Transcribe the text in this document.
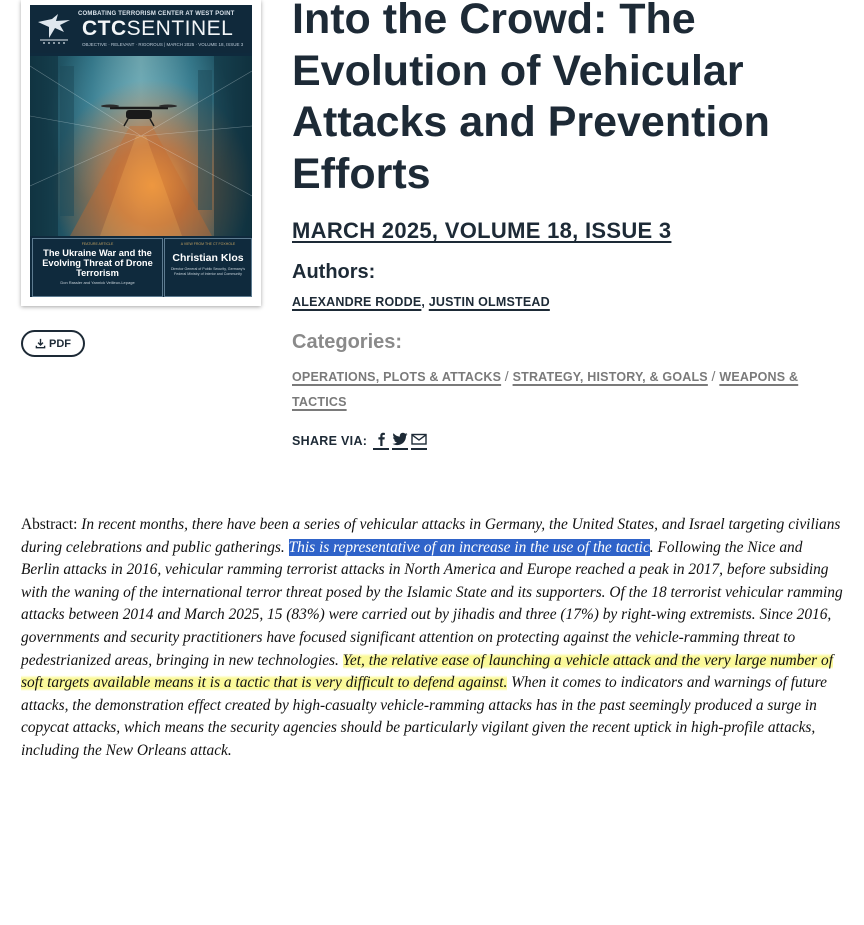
COMBATING TERRORISM CENTER AT WEST POINT
CTCSENTINEL
OBJECTIVE · RELEVANT · RIGOROUS | MARCH 2025 · VOLUME 18, ISSUE 3
FEATURE ARTICLE
The Ukraine War and the Evolving Threat of Drone Terrorism
Don Rassler and Yannick Veilleux-Lepage
A VIEW FROM THE CT FOXHOLE
Christian Klos
Director General of Public Security, Germany's Federal Ministry of Interior and Community
PDF
Into the Crowd: The Evolution of Vehicular Attacks and Prevention Efforts
MARCH 2025, VOLUME 18, ISSUE 3
Authors:
ALEXANDRE RODDE, JUSTIN OLMSTEAD
Categories:
OPERATIONS, PLOTS & ATTACKS / STRATEGY, HISTORY, & GOALS / WEAPONS & TACTICS
SHARE VIA:

Abstract: In recent months, there have been a series of vehicular attacks in Germany, the United States, and Israel targeting civilians during celebrations and public gatherings. This is representative of an increase in the use of the tactic. Following the Nice and Berlin attacks in 2016, vehicular ramming terrorist attacks in North America and Europe reached a peak in 2017, before subsiding with the waning of the international terror threat posed by the Islamic State and its supporters. Of the 18 terrorist vehicular ramming attacks between 2014 and March 2025, 15 (83%) were carried out by jihadis and three (17%) by right-wing extremists. Since 2016, governments and security practitioners have focused significant attention on protecting against the vehicle-ramming threat to pedestrianized areas, bringing in new technologies. Yet, the relative ease of launching a vehicle attack and the very large number of soft targets available means it is a tactic that is very difficult to defend against. When it comes to indicators and warnings of future attacks, the demonstration effect created by high-casualty vehicle-ramming attacks has in the past seemingly produced a surge in copycat attacks, which means the security agencies should be particularly vigilant given the recent uptick in high-profile attacks, including the New Orleans attack.
